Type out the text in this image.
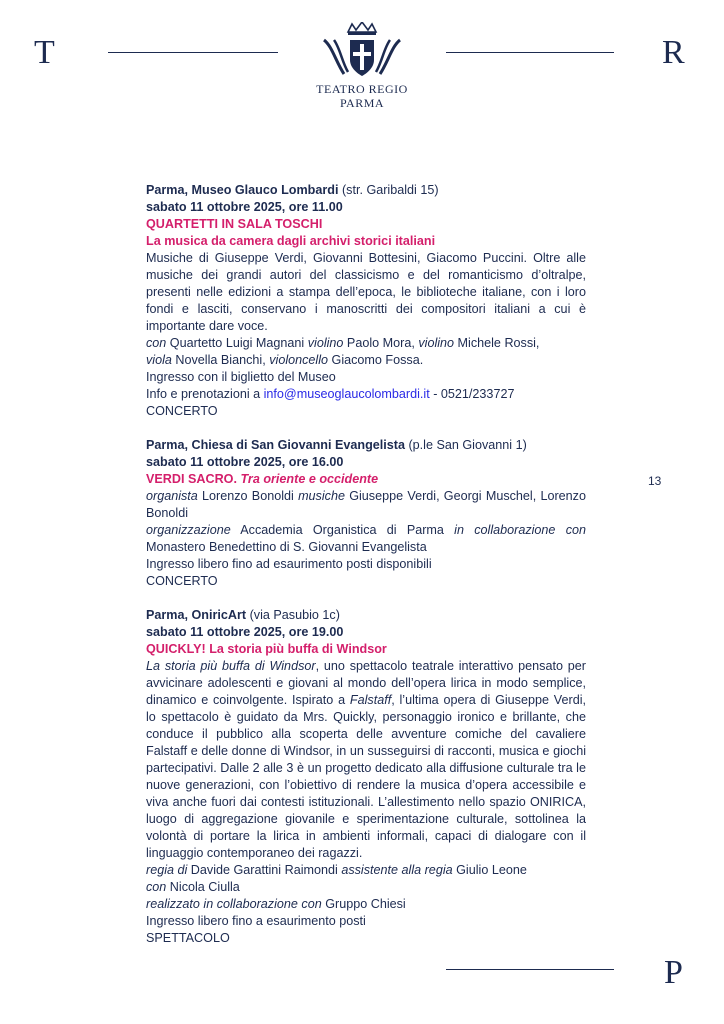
T
TEATRO REGIO
PARMA
R
13
Parma, Museo Glauco Lombardi (str. Garibaldi 15)
sabato 11 ottobre 2025, ore 11.00
QUARTETTI IN SALA TOSCHI
La musica da camera dagli archivi storici italiani
Musiche di Giuseppe Verdi, Giovanni Bottesini, Giacomo Puccini. Oltre alle musiche dei grandi autori del classicismo e del romanticismo d’oltralpe, presenti nelle edizioni a stampa dell’epoca, le biblioteche italiane, con i loro fondi e lasciti, conservano i manoscritti dei compositori italiani a cui è importante dare voce.
con Quartetto Luigi Magnani violino Paolo Mora, violino Michele Rossi,
viola Novella Bianchi, violoncello Giacomo Fossa.
Ingresso con il biglietto del Museo
Info e prenotazioni a info@museoglaucolombardi.it - 0521/233727
CONCERTO
Parma, Chiesa di San Giovanni Evangelista (p.le San Giovanni 1)
sabato 11 ottobre 2025, ore 16.00
VERDI SACRO. Tra oriente e occidente
organista Lorenzo Bonoldi musiche Giuseppe Verdi, Georgi Muschel, Lorenzo Bonoldi
organizzazione Accademia Organistica di Parma in collaborazione con Monastero Benedettino di S. Giovanni Evangelista
Ingresso libero fino ad esaurimento posti disponibili
CONCERTO
Parma, OniricArt (via Pasubio 1c)
sabato 11 ottobre 2025, ore 19.00
QUICKLY! La storia più buffa di Windsor
La storia più buffa di Windsor, uno spettacolo teatrale interattivo pensato per avvicinare adolescenti e giovani al mondo dell’opera lirica in modo semplice, dinamico e coinvolgente. Ispirato a Falstaff, l’ultima opera di Giuseppe Verdi, lo spettacolo è guidato da Mrs. Quickly, personaggio ironico e brillante, che conduce il pubblico alla scoperta delle avventure comiche del cavaliere Falstaff e delle donne di Windsor, in un susseguirsi di racconti, musica e giochi partecipativi. Dalle 2 alle 3 è un progetto dedicato alla diffusione culturale tra le nuove generazioni, con l’obiettivo di rendere la musica d’opera accessibile e viva anche fuori dai contesti istituzionali. L’allestimento nello spazio ONIRICA, luogo di aggregazione giovanile e sperimentazione culturale, sottolinea la volontà di portare la lirica in ambienti informali, capaci di dialogare con il linguaggio contemporaneo dei ragazzi.
regia di Davide Garattini Raimondi assistente alla regia Giulio Leone
con Nicola Ciulla
realizzato in collaborazione con Gruppo Chiesi
Ingresso libero fino a esaurimento posti
SPETTACOLO
P
